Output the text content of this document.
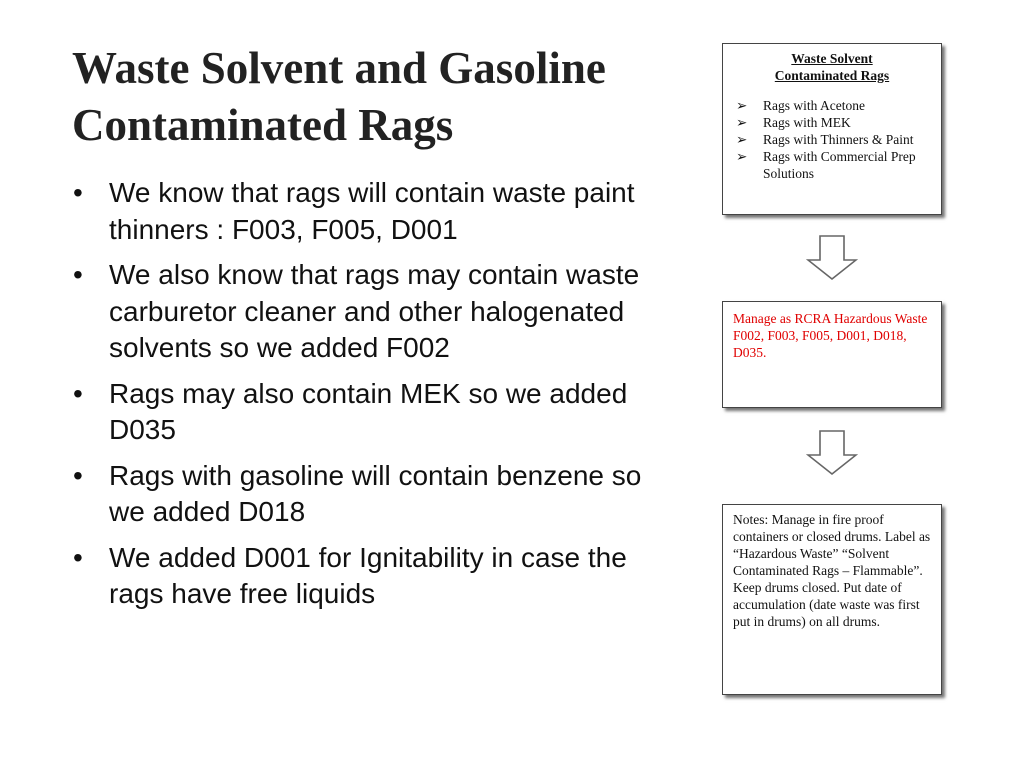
Waste Solvent and Gasoline Contaminated Rags
• We know that rags will contain waste paint thinners : F003, F005, D001
• We also know that rags may contain waste carburetor cleaner and other halogenated solvents so we added F002
• Rags may also contain MEK so we added D035
• Rags with gasoline will contain benzene so we added D018
• We added D001 for Ignitability in case the rags have free liquids
Waste Solvent
Contaminated Rags
➢ Rags with Acetone
➢ Rags with MEK
➢ Rags with Thinners & Paint
➢ Rags with Commercial Prep Solutions
Manage as RCRA Hazardous Waste F002, F003, F005, D001, D018, D035.
Notes: Manage in fire proof containers or closed drums. Label as “Hazardous Waste” “Solvent Contaminated Rags – Flammable”. Keep drums closed. Put date of accumulation (date waste was first put in drums) on all drums.
